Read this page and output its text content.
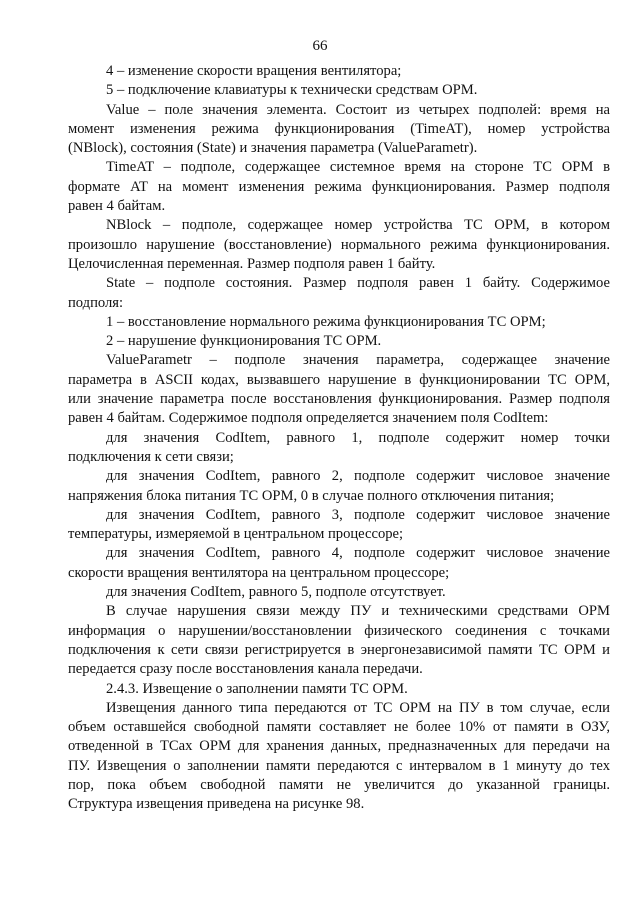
66
4 – изменение скорости вращения вентилятора;
5 – подключение клавиатуры к технически средствам ОРМ.
Value – поле значения элемента. Состоит из четырех подполей: время на
момент изменения режима функционирования (TimeAT), номер устройства
(NBlock), состояния (State) и значения параметра (ValueParametr).
TimeAT – подполе, содержащее системное время на стороне ТС ОРМ в
формате AT на момент изменения режима функционирования. Размер подполя
равен 4 байтам.
NBlock – подполе, содержащее номер устройства ТС ОРМ, в котором
произошло нарушение (восстановление) нормального режима функционирования.
Целочисленная переменная. Размер подполя равен 1 байту.
State – подполе состояния. Размер подполя равен 1 байту. Содержимое
подполя:
1 – восстановление нормального режима функционирования ТС ОРМ;
2 – нарушение функционирования ТС ОРМ.
ValueParametr – подполе значения параметра, содержащее значение
параметра в ASCII кодах, вызвавшего нарушение в функционировании ТС ОРМ,
или значение параметра после восстановления функционирования. Размер подполя
равен 4 байтам. Содержимое подполя определяется значением поля CodItem:
для значения CodItem, равного 1, подполе содержит номер точки
подключения к сети связи;
для значения CodItem, равного 2, подполе содержит числовое значение
напряжения блока питания ТС ОРМ, 0 в случае полного отключения питания;
для значения CodItem, равного 3, подполе содержит числовое значение
температуры, измеряемой в центральном процессоре;
для значения CodItem, равного 4, подполе содержит числовое значение
скорости вращения вентилятора на центральном процессоре;
для значения CodItem, равного 5, подполе отсутствует.
В случае нарушения связи между ПУ и техническими средствами ОРМ
информация о нарушении/восстановлении физического соединения с точками
подключения к сети связи регистрируется в энергонезависимой памяти ТС ОРМ и
передается сразу после восстановления канала передачи.
2.4.3. Извещение о заполнении памяти ТС ОРМ.
Извещения данного типа передаются от ТС ОРМ на ПУ в том случае, если
объем оставшейся свободной памяти составляет не более 10% от памяти в ОЗУ,
отведенной в ТСах ОРМ для хранения данных, предназначенных для передачи на
ПУ. Извещения о заполнении памяти передаются с интервалом в 1 минуту до тех
пор, пока объем свободной памяти не увеличится до указанной границы.
Структура извещения приведена на рисунке 98.
